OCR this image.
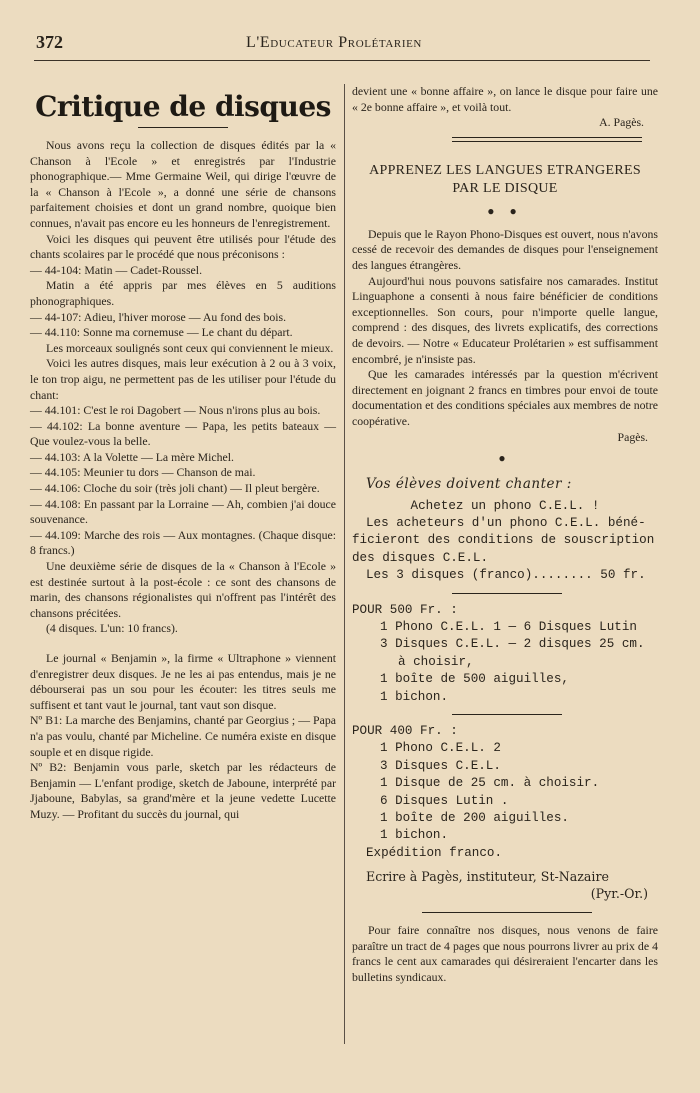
372	L'Educateur Prolétarien
Critique de disques

Nous avons reçu la collection de disques édités par la « Chanson à l'Ecole » et enregistrés par l'Industrie phonographique.— Mme Germaine Weil, qui dirige l'œuvre de la « Chanson à l'Ecole », a donné une série de chansons parfaitement choisies et dont un grand nombre, quoique bien connues, n'avait pas encore eu les honneurs de l'enregistrement.

Voici les disques qui peuvent être utilisés pour l'étude des chants scolaires par le procédé que nous préconisons :

— 44-104: Matin — Cadet-Roussel.

Matin a été appris par mes élèves en 5 auditions phonographiques.

— 44-107: Adieu, l'hiver morose — Au fond des bois.

— 44.110: Sonne ma cornemuse — Le chant du départ.

Les morceaux soulignés sont ceux qui conviennent le mieux.

Voici les autres disques, mais leur exécution à 2 ou à 3 voix, le ton trop aigu, ne permettent pas de les utiliser pour l'étude du chant:

— 44.101: C'est le roi Dagobert — Nous n'irons plus au bois.

— 44.102: La bonne aventure — Papa, les petits bateaux — Que voulez-vous la belle.

— 44.103: A la Volette — La mère Michel.

— 44.105: Meunier tu dors — Chanson de mai.

— 44.106: Cloche du soir (très joli chant) — Il pleut bergère.

— 44.108: En passant par la Lorraine — Ah, combien j'ai douce souvenance.

— 44.109: Marche des rois — Aux montagnes. (Chaque disque: 8 francs.)

Une deuxième série de disques de la « Chanson à l'Ecole » est destinée surtout à la post-école : ce sont des chansons de marin, des chansons régionalistes qui n'offrent pas l'intérêt des chansons précitées.

(4 disques. L'un: 10 francs).

Le journal « Benjamin », la firme « Ultraphone » viennent d'enregistrer deux disques. Je ne les ai pas entendus, mais je ne débourserai pas un sou pour les écouter: les titres seuls me suffisent et tant vaut le journal, tant vaut son disque.

Nº B1: La marche des Benjamins, chanté par Georgius ; — Papa n'a pas voulu, chanté par Micheline. Ce numéra existe en disque souple et en disque rigide.

Nº B2: Benjamin vous parle, sketch par les rédacteurs de Benjamin — L'enfant prodige, sketch de Jaboune, interprété par Jjaboune, Babylas, sa grand'mère et la jeune vedette Lucette Muzy. — Profitant du succès du journal, qui

devient une « bonne affaire », on lance le disque pour faire une « 2e bonne affaire », et voilà tout.

A. Pagès.

APPRENEZ LES LANGUES ETRANGERES
PAR LE DISQUE
● ●

Depuis que le Rayon Phono-Disques est ouvert, nous n'avons cessé de recevoir des demandes de disques pour l'enseignement des langues étrangères.

Aujourd'hui nous pouvons satisfaire nos camarades. Institut Linguaphone a consenti à nous faire bénéficier de conditions exceptionnelles. Son cours, pour n'importe quelle langue, comprend : des disques, des livrets explicatifs, des corrections de devoirs. — Notre « Educateur Prolétarien » est suffisamment encombré, je n'insiste pas.

Que les camarades intéressés par la question m'écrivent directement en joignant 2 francs en timbres pour envoi de toute documentation et des conditions spéciales aux membres de notre coopérative.

Pagès.

●
Vos élèves doivent chanter :
Achetez un phono C.E.L. !
Les acheteurs d'un phono C.E.L. béné-
ficieront des conditions de souscription
des disques C.E.L.
Les 3 disques (franco)........ 50 fr.
POUR 500 Fr. :
1 Phono C.E.L. 1 — 6 Disques Lutin
3 Disques C.E.L. — 2 disques 25 cm.
à choisir,
1 boîte de 500 aiguilles,
1 bichon.
POUR 400 Fr. :
1 Phono C.E.L. 2
3 Disques C.E.L.
1 Disque de 25 cm. à choisir.
6 Disques Lutin .
1 boîte de 200 aiguilles.
1 bichon.
Expédition franco.
Ecrire à Pagès, instituteur, St-Nazaire
(Pyr.-Or.)

Pour faire connaître nos disques, nous venons de faire paraître un tract de 4 pages que nous pourrons livrer au prix de 4 francs le cent aux camarades qui désireraient l'encarter dans les bulletins syndicaux.
